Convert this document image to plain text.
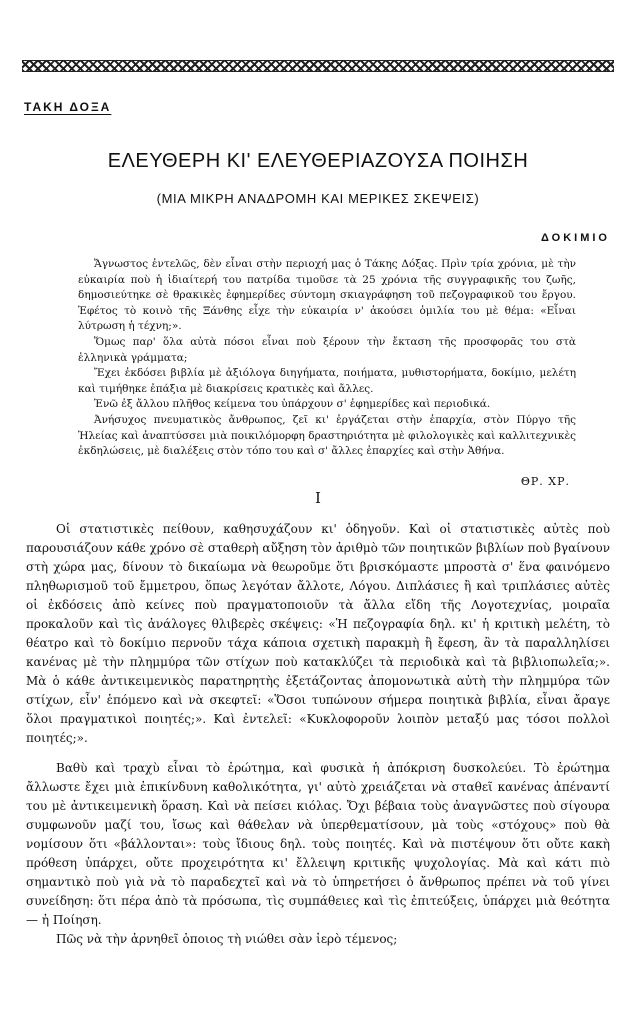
ΤΑΚΗ ΔΟΞΑ
ΕΛΕΥΘΕΡΗ ΚΙ' ΕΛΕΥΘΕΡΙΑΖΟΥΣΑ ΠΟΙΗΣΗ
(ΜΙΑ ΜΙΚΡΗ ΑΝΑΔΡΟΜΗ ΚΑΙ ΜΕΡΙΚΕΣ ΣΚΕΨΕΙΣ)
ΔΟΚΙΜΙΟ

Ἄγνωστος ἐντελῶς, δὲν εἶναι στὴν περιοχή μας ὁ Τάκης Δόξας. Πρὶν τρία χρόνια, μὲ τὴν εὐκαιρία ποὺ ἡ ἰδιαίτερή του πατρίδα τιμοῦσε τὰ 25 χρόνια τῆς συγγραφικῆς του ζωῆς, δημοσιεύτηκε σὲ θρακικὲς ἐφημερίδες σύντομη σκιαγράφηση τοῦ πεζογραφικοῦ του ἔργου. Ἐφέτος τὸ κοινὸ τῆς Ξάνθης εἶχε τὴν εὐκαιρία ν' ἀκούσει ὁμιλία του μὲ θέμα: «Εἶναι λύτρωση ἡ τέχνη;».

Ὅμως παρ' ὅλα αὐτὰ πόσοι εἶναι ποὺ ξέρουν τὴν ἔκταση τῆς προσφορᾶς του στὰ ἑλληνικὰ γράμματα;

Ἔχει ἐκδόσει βιβλία μὲ ἀξιόλογα διηγήματα, ποιήματα, μυθιστορήματα, δοκίμιο, μελέτη καὶ τιμήθηκε ἐπάξια μὲ διακρίσεις κρατικὲς καὶ ἄλλες.

Ἐνῶ ἐξ ἄλλου πλῆθος κείμενα του ὑπάρχουν σ' ἐφημερίδες καὶ περιοδικά.

Ἀνήσυχος πνευματικὸς ἄνθρωπος, ζεῖ κι' ἐργάζεται στὴν ἐπαρχία, στὸν Πύργο τῆς Ἠλείας καὶ ἀναπτύσσει μιὰ ποικιλόμορφη δραστηριότητα μὲ φιλολογικὲς καὶ καλλιτεχνικὲς ἐκδηλώσεις, μὲ διαλέξεις στὸν τόπο του καὶ σ' ἄλλες ἐπαρχίες καὶ στὴν Ἀθήνα.

ΘΡ. ΧΡ.
I

Οἱ στατιστικὲς πείθουν, καθησυχάζουν κι' ὁδηγοῦν. Καὶ οἱ στατιστικὲς αὐτὲς ποὺ παρουσιάζουν κάθε χρόνο σὲ σταθερὴ αὔξηση τὸν ἀριθμὸ τῶν ποιητικῶν βιβλίων ποὺ βγαίνουν στὴ χώρα μας, δίνουν τὸ δικαίωμα νὰ θεωροῦμε ὅτι βρισκόμαστε μπροστὰ σ' ἕνα φαινόμενο πληθωρισμοῦ τοῦ ἔμμετρου, ὅπως λεγόταν ἄλλοτε, Λόγου. Διπλάσιες ἢ καὶ τριπλάσιες αὐτὲς οἱ ἐκδόσεις ἀπὸ κείνες ποὺ πραγματοποιοῦν τὰ ἄλλα εἴδη τῆς Λογοτεχνίας, μοιραῖα προκαλοῦν καὶ τὶς ἀνάλογες θλιβερὲς σκέψεις: «Ἡ πεζογραφία δηλ. κι' ἡ κριτικὴ μελέτη, τὸ θέατρο καὶ τὸ δοκίμιο περνοῦν τάχα κάποια σχετικὴ παρακμὴ ἢ ἔφεση, ἂν τὰ παραλληλίσει κανένας μὲ τὴν πλημμύρα τῶν στίχων ποὺ κατακλύζει τὰ περιοδικὰ καὶ τὰ βιβλιοπωλεῖα;». Μὰ ὁ κάθε ἀντικειμενικὸς παρατηρητὴς ἐξετάζοντας ἀπομονωτικὰ αὐτὴ τὴν πλημμύρα τῶν στίχων, εἶν' ἑπόμενο καὶ νὰ σκεφτεῖ: «Ὅσοι τυπώνουν σήμερα ποιητικὰ βιβλία, εἶναι ἄραγε ὅλοι πραγματικοὶ ποιητές;». Καὶ ἐντελεῖ: «Κυκλοφοροῦν λοιπὸν μεταξύ μας τόσοι πολλοὶ ποιητές;».

Βαθὺ καὶ τραχὺ εἶναι τὸ ἐρώτημα, καὶ φυσικὰ ἡ ἀπόκριση δυσκολεύει. Τὸ ἐρώτημα ἄλλωστε ἔχει μιὰ ἐπικίνδυνη καθολικότητα, γι' αὐτὸ χρειάζεται νὰ σταθεῖ κανένας ἀπέναντί του μὲ ἀντικειμενικὴ ὅραση. Καὶ νὰ πείσει κιόλας. Ὄχι βέβαια τοὺς ἀναγνῶστες ποὺ σίγουρα συμφωνοῦν μαζί του, ἴσως καὶ θάθελαν νὰ ὑπερθεματίσουν, μὰ τοὺς «στόχους» ποὺ θὰ νομίσουν ὅτι «βάλλονται»: τοὺς ἴδιους δηλ. τοὺς ποιητές. Καὶ νὰ πιστέψουν ὅτι οὔτε κακὴ πρόθεση ὑπάρχει, οὔτε προχειρότητα κι' ἔλλειψη κριτικῆς ψυχολογίας. Μὰ καὶ κάτι πιὸ σημαντικὸ ποὺ γιὰ νὰ τὸ παραδεχτεῖ καὶ νὰ τὸ ὑπηρετήσει ὁ ἄνθρωπος πρέπει νὰ τοῦ γίνει συνείδηση: ὅτι πέρα ἀπὸ τὰ πρόσωπα, τὶς συμπάθειες καὶ τὶς ἐπιτεύξεις, ὑπάρχει μιὰ θεότητα — ἡ Ποίηση.

Πῶς νὰ τὴν ἀρνηθεῖ ὁποιος τὴ νιώθει σὰν ἱερὸ τέμενος;
